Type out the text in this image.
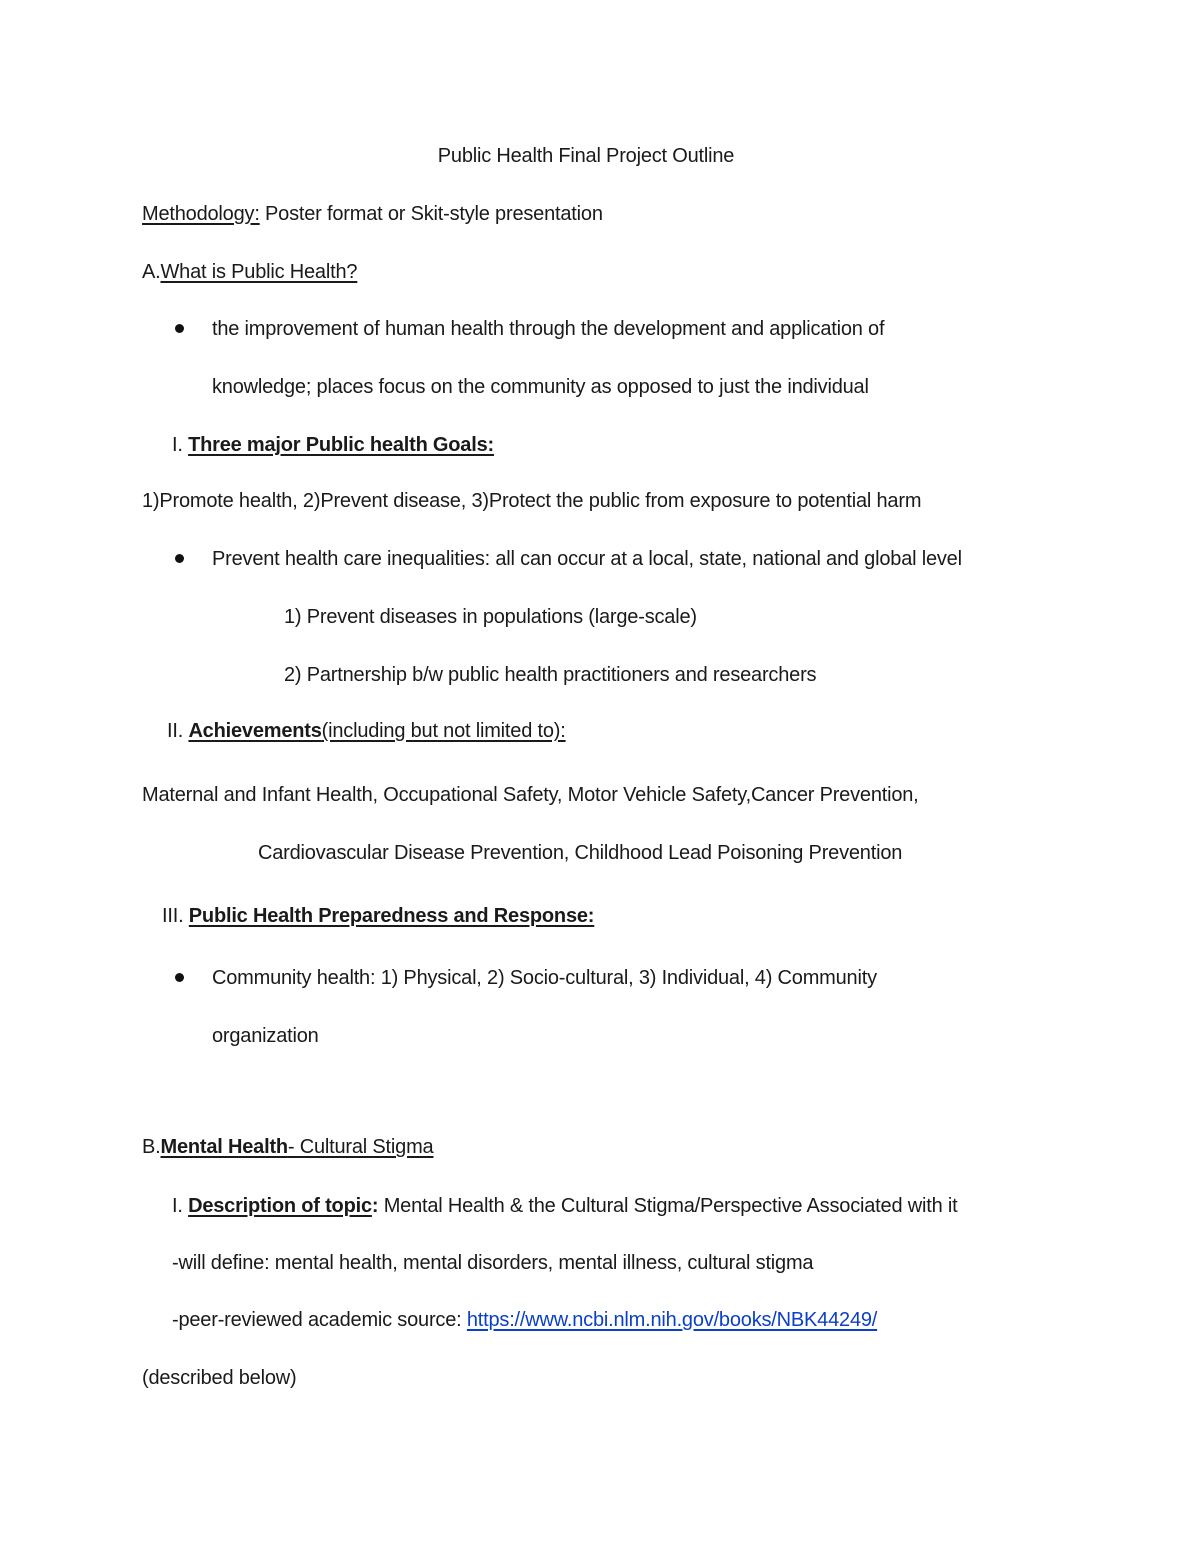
Public Health Final Project Outline
Methodology: Poster format or Skit-style presentation
A.What is Public Health?
the improvement of human health through the development and application of
knowledge; places focus on the community as opposed to just the individual
I. Three major Public health Goals:
1)Promote health, 2)Prevent disease, 3)Protect the public from exposure to potential harm
Prevent health care inequalities: all can occur at a local, state, national and global level
1) Prevent diseases in populations (large-scale)
2) Partnership b/w public health practitioners and researchers
II. Achievements(including but not limited to):
Maternal and Infant Health, Occupational Safety, Motor Vehicle Safety,Cancer Prevention,
Cardiovascular Disease Prevention, Childhood Lead Poisoning Prevention
III. Public Health Preparedness and Response:
Community health: 1) Physical, 2) Socio-cultural, 3) Individual, 4) Community
organization
B.Mental Health- Cultural Stigma
I. Description of topic: Mental Health & the Cultural Stigma/Perspective Associated with it
-will define: mental health, mental disorders, mental illness, cultural stigma
-peer-reviewed academic source: https://www.ncbi.nlm.nih.gov/books/NBK44249/
(described below)
